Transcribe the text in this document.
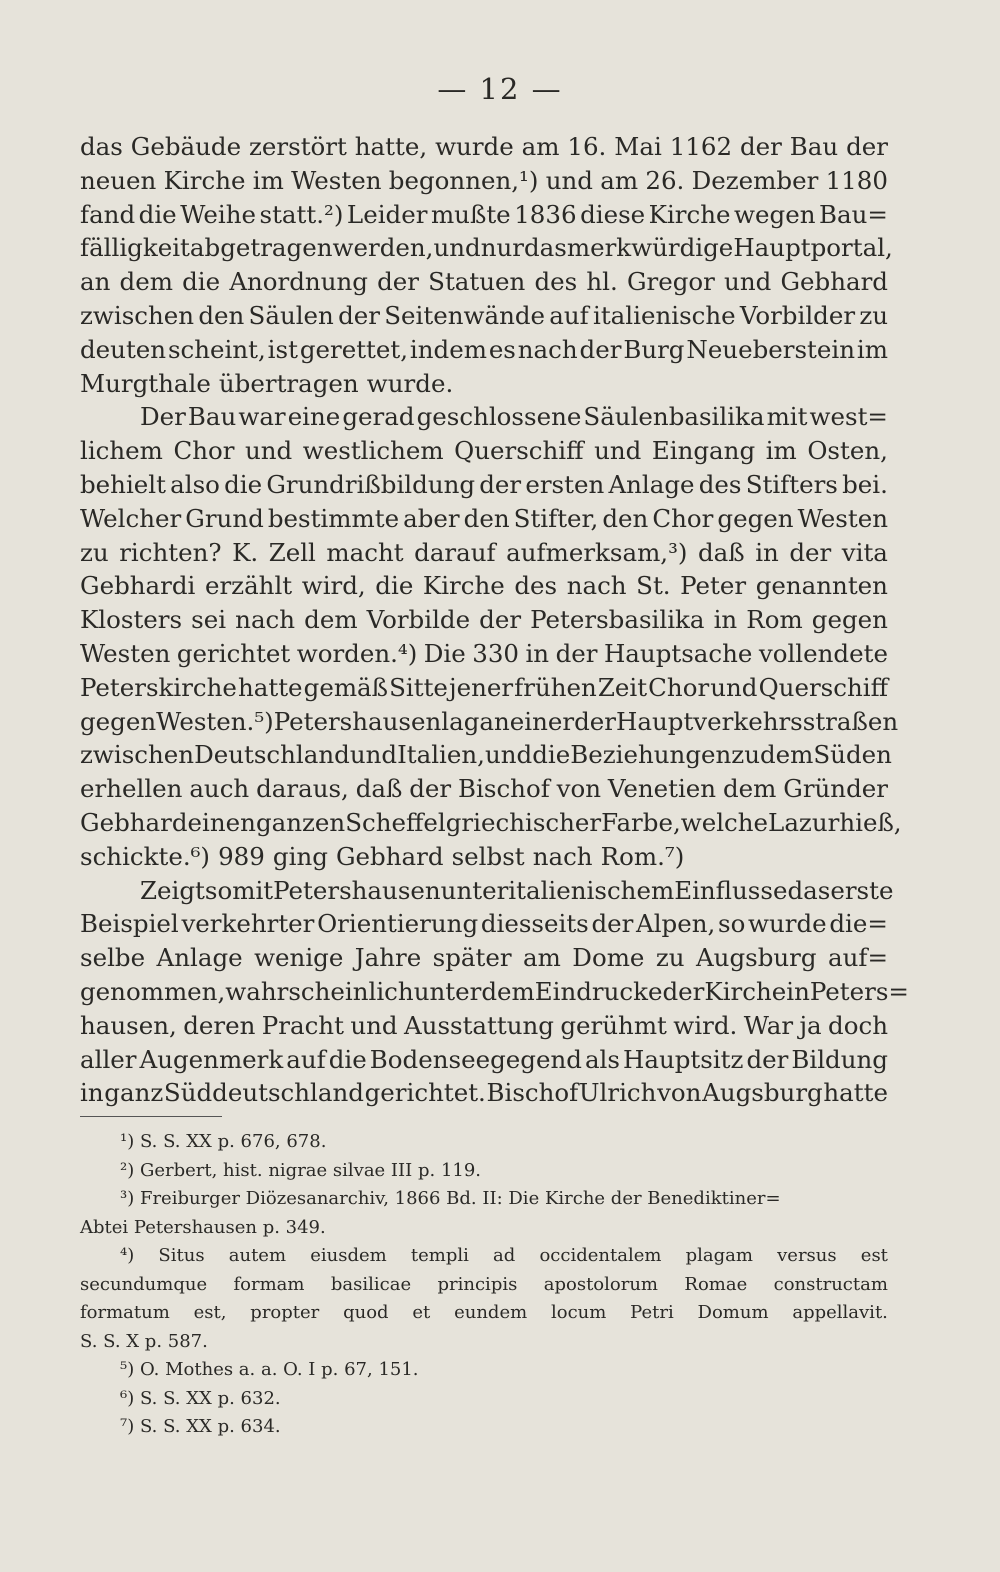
— 12 —
das Gebäude zerstört hatte, wurde am 16. Mai 1162 der Bau der
neuen Kirche im Westen begonnen,¹) und am 26. Dezember 1180
fand die Weihe statt.²) Leider mußte 1836 diese Kirche wegen Bau=
fälligkeit abgetragen werden, und nur das merkwürdige Hauptportal,
an dem die Anordnung der Statuen des hl. Gregor und Gebhard
zwischen den Säulen der Seitenwände auf italienische Vorbilder zu
deuten scheint, ist gerettet, indem es nach der Burg Neueberstein im
Murgthale übertragen wurde.
Der Bau war eine gerad geschlossene Säulenbasilika mit west=
lichem Chor und westlichem Querschiff und Eingang im Osten,
behielt also die Grundrißbildung der ersten Anlage des Stifters bei.
Welcher Grund bestimmte aber den Stifter, den Chor gegen Westen
zu richten? K. Zell macht darauf aufmerksam,³) daß in der vita
Gebhardi erzählt wird, die Kirche des nach St. Peter genannten
Klosters sei nach dem Vorbilde der Petersbasilika in Rom gegen
Westen gerichtet worden.⁴) Die 330 in der Hauptsache vollendete
Peterskirche hatte gemäß Sitte jener frühen Zeit Chor und Querschiff
gegen Westen.⁵) Petershausen lag an einer der Hauptverkehrsstraßen
zwischen Deutschland und Italien, und die Beziehungen zu dem Süden
erhellen auch daraus, daß der Bischof von Venetien dem Gründer
Gebhard einen ganzen Scheffel griechischer Farbe, welche Lazur hieß,
schickte.⁶) 989 ging Gebhard selbst nach Rom.⁷)
Zeigt somit Petershausen unter italienischem Einflusse das erste
Beispiel verkehrter Orientierung diesseits der Alpen, so wurde die=
selbe Anlage wenige Jahre später am Dome zu Augsburg auf=
genommen, wahrscheinlich unter dem Eindrucke der Kirche in Peters=
hausen, deren Pracht und Ausstattung gerühmt wird. War ja doch
aller Augenmerk auf die Bodenseegegend als Hauptsitz der Bildung
in ganz Süddeutschland gerichtet. Bischof Ulrich von Augsburg hatte
¹) S. S. XX p. 676, 678.
²) Gerbert, hist. nigrae silvae III p. 119.
³) Freiburger Diözesanarchiv, 1866 Bd. II: Die Kirche der Benediktiner=
Abtei Petershausen p. 349.
⁴) Situs autem eiusdem templi ad occidentalem plagam versus est
secundumque formam basilicae principis apostolorum Romae constructam
formatum est, propter quod et eundem locum Petri Domum appellavit.
S. S. X p. 587.
⁵) O. Mothes a. a. O. I p. 67, 151.
⁶) S. S. XX p. 632.
⁷) S. S. XX p. 634.
